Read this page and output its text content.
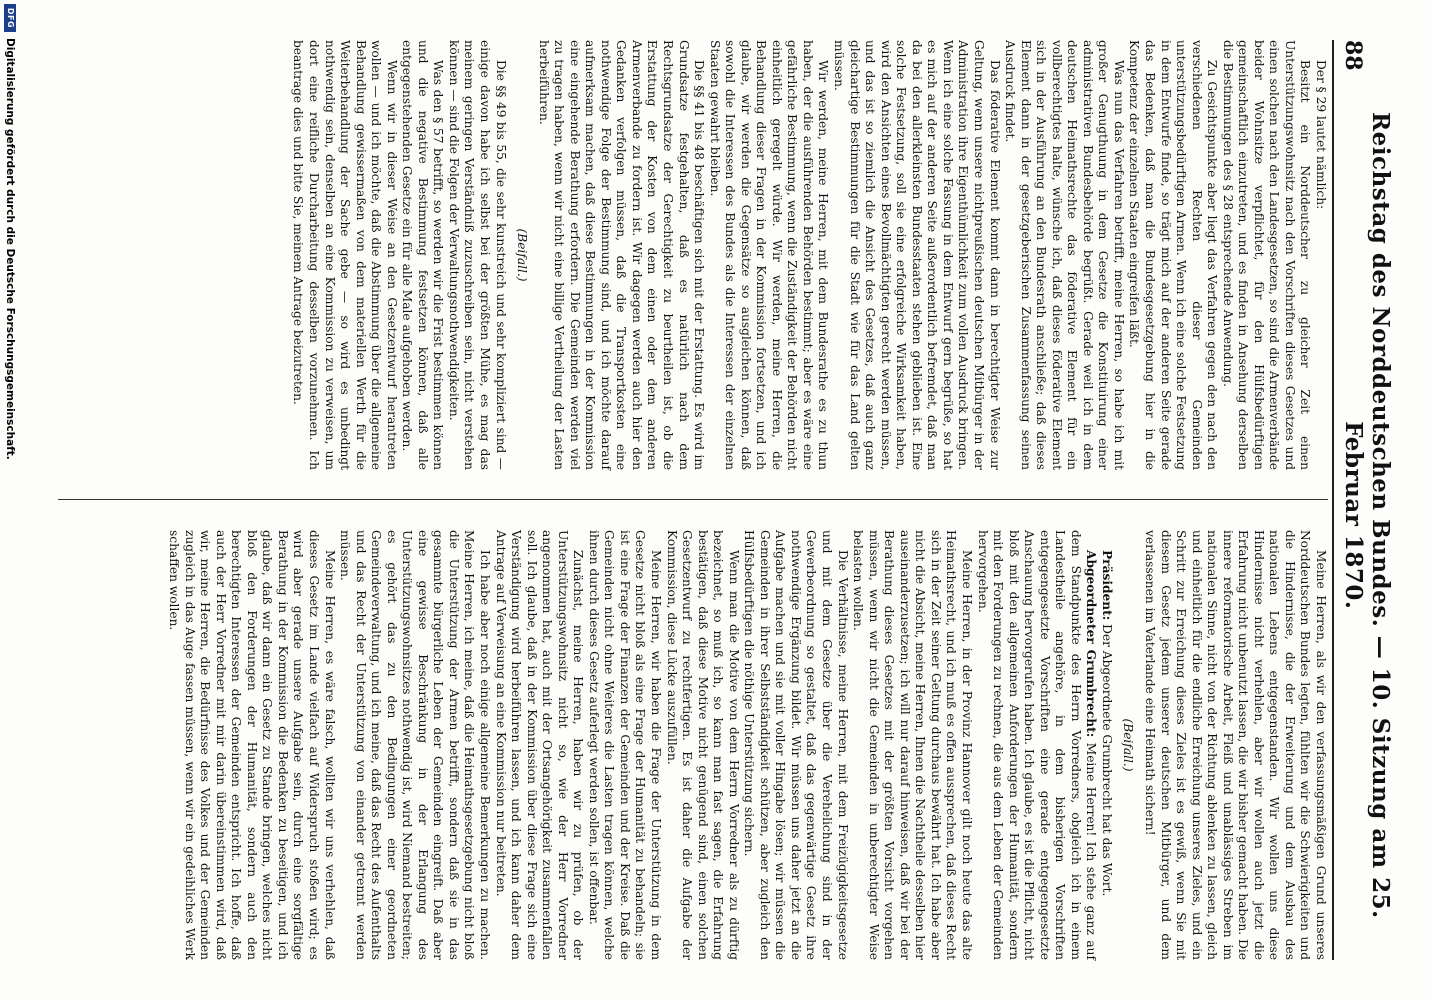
88
Reichstag des Norddeutschen Bundes. — 10. Sitzung am 25. Februar 1870.

Der § 29 lautet nämlich:

Besitzt ein Norddeutscher zu gleicher Zeit einen Unterstützungswohnsitz nach den Vorschriften dieses Gesetzes und einen solchen nach den Landesgesetzen, so sind die Armenverbände beider Wohnsitze verpflichtet, für den Hülfsbedürftigen gemeinschaftlich einzutreten, und es finden in Ansehung derselben die Bestimmungen des § 28 entsprechende Anwendung.

Zu Gesichtspunkte aber liegt das Verfahren gegen den nach den verschiedenen Rechten dieser Gemeinden unterstützungsbedürftigen Armen. Wenn ich eine solche Festsetzung in dem Entwurfe finde, so trägt mich auf der anderen Seite gerade das Bedenken, daß man die Bundesgesetzgebung hier in die Kompetenz der einzelnen Staaten eingreifen läßt.

Was nun das Verfahren betrifft, meine Herren, so habe ich mit großer Genugthuung in dem Gesetze die Konstituirung einer administrativen Bundesbehörde begrüßt. Gerade weil ich in dem deutschen Heimathsrechte das föderative Element für ein vollberechtigtes halte, wünsche ich, daß dieses föderative Element sich in der Ausführung an den Bundesrath anschließe; daß dieses Element dann in der gesetzgeberischen Zusammenfassung seinen Ausdruck findet.

Das föderative Element kommt dann in berechtigter Weise zur Geltung, wenn unsere nichtpreußischen deutschen Mitbürger in der Administration ihre Eigenthümlichkeit zum vollen Ausdruck bringen. Wenn ich eine solche Fassung in dem Entwurf gern begrüße, so hat es mich auf der anderen Seite außerordentlich befremdet, daß man da bei den allerkleinsten Bundesstaaten stehen geblieben ist. Eine solche Festsetzung, soll sie eine erfolgreiche Wirksamkeit haben, wird den Ansichten eines Bevollmächtigten gerecht werden müssen, und das ist so ziemlich die Ansicht des Gesetzes, daß auch ganz gleichartige Bestimmungen für die Stadt wie für das Land gelten müssen.

Wir werden, meine Herren, mit dem Bundesrathe es zu thun haben, der die ausführenden Behörden bestimmt; aber es wäre eine gefährliche Bestimmung, wenn die Zuständigkeit der Behörden nicht einheitlich geregelt würde. Wir werden, meine Herren, die Behandlung dieser Fragen in der Kommission fortsetzen, und ich glaube, wir werden die Gegensätze so ausgleichen können, daß sowohl die Interessen des Bundes als die Interessen der einzelnen Staaten gewahrt bleiben.

Die §§ 41 bis 48 beschäftigen sich mit der Erstattung. Es wird im Grundsatze festgehalten, daß es natürlich nach dem Rechtsgrundsatze der Gerechtigkeit zu beurtheilen ist, ob die Erstattung der Kosten von dem einen oder dem anderen Armenverbande zu fordern ist. Wir dagegen werden auch hier den Gedanken verfolgen müssen, daß die Transportkosten eine nothwendige Folge der Bestimmung sind, und ich möchte darauf aufmerksam machen, daß diese Bestimmungen in der Kommission eine eingehende Berathung erfordern. Die Gemeinden werden viel zu tragen haben, wenn wir nicht eine billige Vertheilung der Lasten herbeiführen.

(Beifall.)

Die §§ 49 bis 55, die sehr kunstreich und sehr kompliziert sind — einige davon habe ich selbst bei der größten Mühe, es mag das meinem geringen Verständniß zuzuschreiben sein, nicht verstehen können — sind die Folgen der Verwaltungsnothwendigkeiten.

Was den § 57 betrifft, so werden wir die Frist bestimmen können und die negative Bestimmung festsetzen können, daß alle entgegenstehenden Gesetze ein für alle Male aufgehoben werden.

Wenn wir in dieser Weise an den Gesetzentwurf herantreten wollen — und ich möchte, daß die Abstimmung über die allgemeine Behandlung gewissermaßen von dem materiellen Werth für die Weiterbehandlung der Sache gebe — so wird es unbedingt nothwendig sein, denselben an eine Kommission zu verweisen, um dort eine reifliche Durcharbeitung desselben vorzunehmen. Ich beantrage dies und bitte Sie, meinem Antrage beizutreten.

Meine Herren, als wir den verfassungsmäßigen Grund unseres Norddeutschen Bundes legten, fühlten wir die Schwierigkeiten und die Hindernisse, die der Erweiterung und dem Ausbau des nationalen Lebens entgegenstanden. Wir wollen uns diese Hindernisse nicht verhehlen, aber wir wollen auch jetzt die Erfahrung nicht unbenutzt lassen, die wir bisher gemacht haben. Die innere reformatorische Arbeit, Fleiß und unablässiges Streben im nationalen Sinne, nicht von der Richtung ablenken zu lassen, gleich und einheitlich für die endliche Erreichung unseres Zieles, und ein Schritt zur Erreichung dieses Zieles ist es gewiß, wenn Sie mit diesem Gesetz jedem unserer deutschen Mitbürger, und dem verlassenen im Vaterlande eine Heimath sichern!

(Beifall.)

Präsident: Der Abgeordnete Grumbrecht hat das Wort.

Abgeordneter Grumbrecht: Meine Herren! Ich stehe ganz auf dem Standpunkte des Herrn Vorredners, obgleich ich in einem Landestheile angehöre, in dem bisherigen Vorschriften entgegengesetzte Vorschriften eine gerade entgegengesetzte Anschauung hervorgerufen haben. Ich glaube, es ist die Pflicht, nicht bloß mit den allgemeinen Anforderungen der Humanität, sondern mit den Forderungen zu rechnen, die aus dem Leben der Gemeinden hervorgehen.

Meine Herren, in der Provinz Hannover gilt noch heute das alte Heimathsrecht, und ich muß es offen aussprechen, daß dieses Recht sich in der Zeit seiner Geltung durchaus bewährt hat. Ich habe aber nicht die Absicht, meine Herren, Ihnen die Nachtheile desselben hier auseinanderzusetzen; ich will nur darauf hinweisen, daß wir bei der Berathung dieses Gesetzes mit der größten Vorsicht vorgehen müssen, wenn wir nicht die Gemeinden in unberechtigter Weise belasten wollen.

Die Verhältnisse, meine Herren, mit dem Freizügigkeitsgesetze und mit dem Gesetze über die Verehelichung sind in der Gewerbeordnung so gestaltet, daß das gegenwärtige Gesetz ihre nothwendige Ergänzung bildet. Wir müssen uns daher jetzt an die Aufgabe machen und sie mit voller Hingabe lösen; wir müssen die Gemeinden in ihrer Selbstständigkeit schützen, aber zugleich den Hülfsbedürftigen die nöthige Unterstützung sichern.

Wenn man die Motive von dem Herrn Vorredner als zu dürftig bezeichnet, so muß ich, so kann man fast sagen, die Erfahrung bestätigen, daß diese Motive nicht genügend sind, einen solchen Gesetzentwurf zu rechtfertigen. Es ist daher die Aufgabe der Kommission, diese Lücke auszufüllen.

Meine Herren, wir haben die Frage der Unterstützung in dem Gesetze nicht bloß als eine Frage der Humanität zu behandeln; sie ist eine Frage der Finanzen der Gemeinden und der Kreise. Daß die Gemeinden nicht ohne Weiteres die Lasten tragen können, welche ihnen durch dieses Gesetz auferlegt werden sollen, ist offenbar.

Zunächst, meine Herren, haben wir zu prüfen, ob der Unterstützungswohnsitz nicht so, wie der Herr Vorredner angenommen hat, auch mit der Ortsangehörigkeit zusammenfallen soll. Ich glaube, daß in der Kommission über diese Frage sich eine Verständigung wird herbeiführen lassen, und ich kann daher dem Antrage auf Verweisung an eine Kommission nur beitreten.

Ich habe aber noch einige allgemeine Bemerkungen zu machen. Meine Herren, ich meine, daß die Heimathsgesetzgebung nicht bloß die Unterstützung der Armen betrifft, sondern daß sie in das gesammte bürgerliche Leben der Gemeinden eingreift. Daß aber eine gewisse Beschränkung in der Erlangung des Unterstützungswohnsitzes nothwendig ist, wird Niemand bestreiten; es gehört das zu den Bedingungen einer geordneten Gemeindeverwaltung, und ich meine, daß das Recht des Aufenthalts und das Recht der Unterstützung von einander getrennt werden müssen.

Meine Herren, es wäre falsch, wollten wir uns verhehlen, daß dieses Gesetz im Lande vielfach auf Widerspruch stoßen wird; es wird aber gerade unsere Aufgabe sein, durch eine sorgfältige Berathung in der Kommission die Bedenken zu beseitigen, und ich glaube, daß wir dann ein Gesetz zu Stande bringen, welches nicht bloß den Forderungen der Humanität, sondern auch den berechtigten Interessen der Gemeinden entspricht. Ich hoffe, daß auch der Herr Vorredner mit mir darin übereinstimmen wird, daß wir, meine Herren, die Bedürfnisse des Volkes und der Gemeinden zugleich in das Auge fassen müssen, wenn wir ein gedeihliches Werk schaffen wollen.

DFG
Digitalisierung gefördert durch die Deutsche Forschungsgemeinschaft.
